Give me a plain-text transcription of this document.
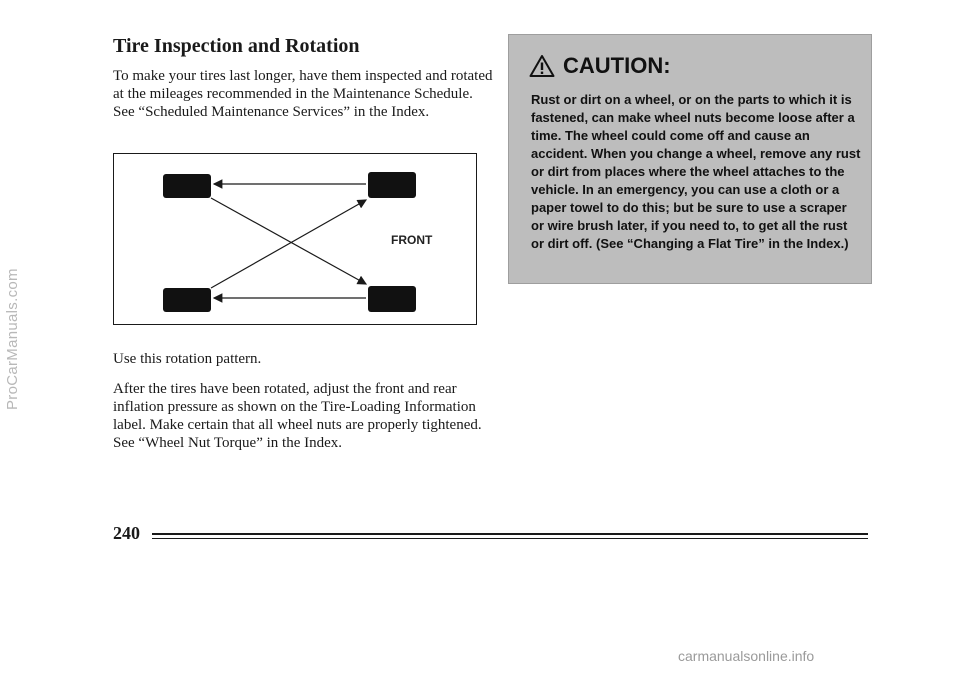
ProCarManuals.com
Tire Inspection and Rotation

To make your tires last longer, have them inspected and rotated at the mileages recommended in the Maintenance Schedule. See “Scheduled Maintenance Services” in the Index.

FRONT

Use this rotation pattern.

After the tires have been rotated, adjust the front and rear inflation pressure as shown on the Tire-Loading Information label. Make certain that all wheel nuts are properly tightened. See “Wheel Nut Torque” in the Index.

CAUTION:

Rust or dirt on a wheel, or on the parts to which it is fastened, can make wheel nuts become loose after a time. The wheel could come off and cause an accident. When you change a wheel, remove any rust or dirt from places where the wheel attaches to the vehicle. In an emergency, you can use a cloth or a paper towel to do this; but be sure to use a scraper or wire brush later, if you need to, to get all the rust or dirt off. (See “Changing a Flat Tire” in the Index.)

240
carmanualsonline.info
